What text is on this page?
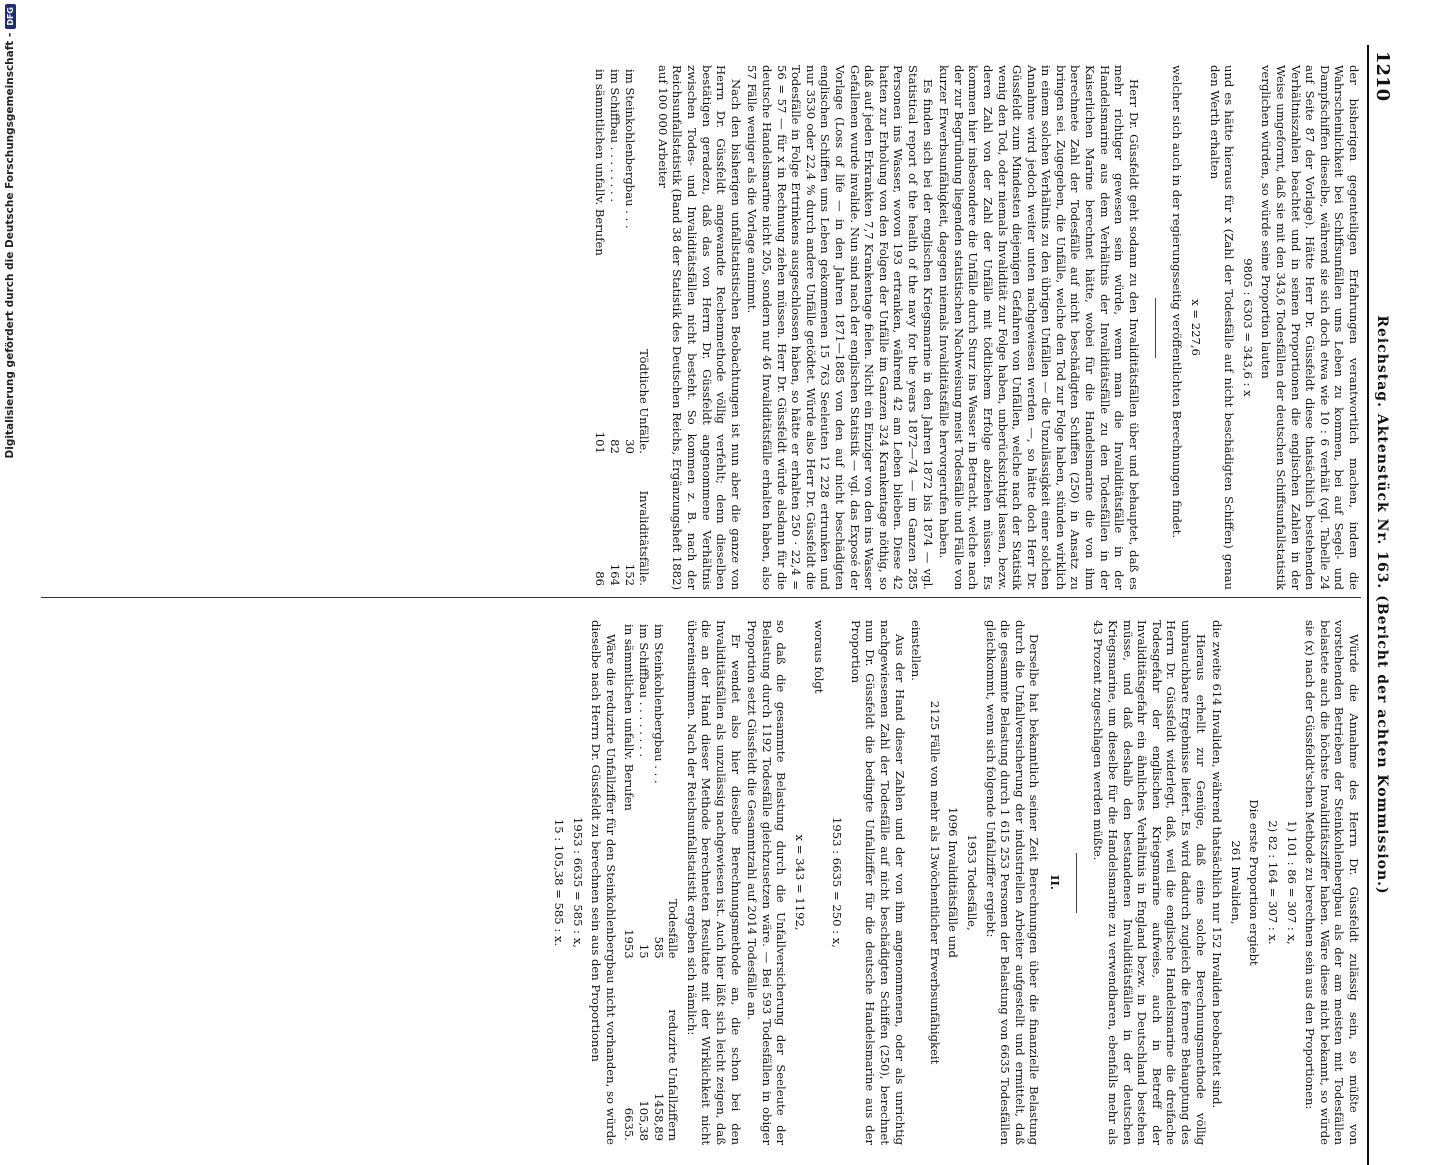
1210
Reichstag. Aktenstück Nr. 163. (Bericht der achten Kommission.)

der bisherigen gegenteiligen Erfahrungen verantwortlich machen, indem die Wahrscheinlichkeit bei Schiffsunfällen ums Leben zu kommen, bei auf Segel- und Dampfschiffen dieselbe, während sie sich doch etwa wie 10 : 6 verhält (vgl. Tabelle 24 auf Seite 87 der Vorlage). Hätte Herr Dr. Güssfeldt diese thatsächlich bestehenden Verhältniszahlen beachtet und in seinen Proportionen die englischen Zahlen in der Weise umgeformt, daß sie mit den 343,6 Todesfällen der deutschen Schiffsunfallstatistik verglichen würden, so würde seine Proportion lauten

9805 : 6303 = 343,6 : x

und es hätte hieraus für x (Zahl der Todesfälle auf nicht beschädigten Schiffen) genau den Werth erhalten

x = 227,6

welcher sich auch in der regierungsseitig veröffentlichten Berechnungen findet.

Herr Dr. Güssfeldt geht sodann zu den Invaliditätsfällen über und behauptet, daß es mehr richtiger gewesen sein würde, wenn man die Invaliditätsfälle in der Handelsmarine aus dem Verhältnis der Invaliditätsfälle zu den Todesfällen in der Kaiserlichen Marine berechnet hätte, wobei für die Handelsmarine die von ihm berechnete Zahl der Todesfälle auf nicht beschädigten Schiffen (250) in Ansatz zu bringen sei. Zugegeben, die Unfälle, welche den Tod zur Folge haben, stünden wirklich in einem solchen Verhältnis zu den übrigen Unfällen — die Unzulässigkeit einer solchen Annahme wird jedoch weiter unten nachgewiesen werden —, so hätte doch Herr Dr. Güssfeldt zum Mindesten diejenigen Gefahren von Unfällen, welche nach der Statistik wenig den Tod, oder niemals Invalidität zur Folge haben, unberücksichtigt lassen, bezw. deren Zahl von der Zahl der Unfälle mit tödtlichem Erfolge abziehen müssen. Es kommen hier insbesondere die Unfälle durch Sturz ins Wasser in Betracht, welche nach der zur Begründung liegenden statistischen Nachweisung meist Todesfälle und Fälle von kurzer Erwerbsunfähigkeit, dagegen niemals Invaliditätsfälle hervorgerufen haben.

Es finden sich bei der englischen Kriegsmarine in den Jahren 1872 bis 1874 — vgl. Statistical report of the health of the navy for the years 1872—74 — im Ganzen 285 Personen ins Wasser, wovon 193 ertranken, während 42 am Leben blieben. Diese 42 hatten zur Erholung von den Folgen der Unfälle im Ganzen 324 Krankentage nöthig, so daß auf jeden Erkrankten 7,7 Krankentage fielen. Nicht ein Einziger von den ins Wasser Gefallenen wurde invalide. Nun sind nach der englischen Statistik — vgl. das Exposé der Vorlage (Loss of life — in den Jahren 1871—1885 von den auf nicht beschädigten englischen Schiffen ums Leben gekommenen 15 763 Seeleuten 12 228 ertrunken und nur 3530 oder 22,4 % durch andere Unfälle getödtet. Würde also Herr Dr. Güssfeldt die Todesfälle in Folge Ertrinkens ausgeschlossen haben, so hätte er erhalten 250 · 22,4 = 56 = 57 — für x in Rechnung ziehen müssen. Herr Dr. Güssfeldt würde alsdann für die deutsche Handelsmarine nicht 205, sondern nur 46 Invaliditätsfälle erhalten haben, also 57 Fälle weniger als die Vorlage annimmt.

Nach den bisherigen unfallstatistischen Beobachtungen ist nun aber die ganze von Herrn Dr. Güssfeldt angewandte Rechenmethode völlig verfehlt; denn dieselben bestätigen geradezu, daß das von Herrn Dr. Güssfeldt angenommene Verhältnis zwischen Todes- und Invaliditätsfällen nicht besteht. So kommen z. B. nach der Reichsunfallstatistik (Band 38 der Statistik des Deutschen Reichs, Ergänzungsheft 1882) auf 100 000 Arbeiter

	Tödtliche Unfälle.	Invaliditätsfälle.
im Steinkohlenbergbau . . .	30	152
im Schiffbau . . . . . . . .	82	164
in sämmtlichen unfallv. Berufen	101	86

Würde die Annahme des Herrn Dr. Güssfeldt zulässig sein, so müßte von vorstehenden Betrieben der Steinkohlenbergbau als der am meisten mit Todesfällen belastete auch die höchste Invaliditätsziffer haben. Wäre diese nicht bekannt, so würde sie (x) nach der Güssfeldt'schen Methode zu berechnen sein aus den Proportionen:

1) 101 : 86 = 307 : x,

2) 82 : 164 = 307 : x.

Die erste Proportion ergiebt

261 Invaliden,

die zweite 614 Invaliden, während thatsächlich nur 152 Invaliden beobachtet sind.

Hieraus erhellt zur Genüge, daß eine solche Berechnungsmethode völlig unbrauchbare Ergebnisse liefert. Es wird dadurch zugleich die fernere Behauptung des Herrn Dr. Güssfeldt widerlegt, daß, weil die englische Handelsmarine die dreifache Todesgefahr der englischen Kriegsmarine aufweise, auch in Betreff der Invaliditätsgefahr ein ähnliches Verhältnis in England bezw. in Deutschland bestehen müsse, und daß deshalb den bestandenen Invaliditätsfällen in der deutschen Kriegsmarine, um dieselbe für die Handelsmarine zu verwendbaren, ebenfalls mehr als 43 Prozent zugeschlagen werden müßte.

II.

Derselbe hat bekanntlich seiner Zeit Berechnungen über die finanzielle Belastung durch die Unfallversicherung der industriellen Arbeiter aufgestellt und ermittelt, daß die gesammte Belastung durch 1 615 253 Personen der Belastung von 6635 Todesfällen gleichkommt, wenn sich folgende Unfallziffer ergiebt:

1953 Todesfälle,

1096 Invaliditätsfälle und

2125 Fälle von mehr als 13wöchentlicher Erwerbsunfähigkeit

einstellen.

Aus der Hand dieser Zahlen und der von ihm angenommenen, oder als unrichtig nachgewiesenen Zahl der Todesfälle auf nicht beschädigten Schiffen (250), berechnet nun Dr. Güssfeldt die bedingte Unfallziffer für die deutsche Handelsmarine aus der Proportion

1953 : 6635 = 250 : x,

woraus folgt

x = 343 = 1192,

so daß die gesammte Belastung durch die Unfallversicherung der Seeleute der Belastung durch 1192 Todesfälle gleichzusetzen wäre. — Bei 593 Todesfällen in obiger Proportion setzt Güssfeldt die Gesammtzahl auf 2014 Todesfälle an.

Er wendet also hier dieselbe Berechnungsmethode an, die schon bei den Invaliditätsfällen als unzulässig nachgewiesen ist. Auch hier läßt sich leicht zeigen, daß die an der Hand dieser Methode berechneten Resultate mit der Wirklichkeit nicht übereinstimmen. Nach der Reichsunfallstatistik ergeben sich nämlich:

	Todesfälle	reduzirte Unfallziffern
im Steinkohlenbergbau . . .	585	1458,89
im Schiffbau . . . . . . . .	15	105,38
in sämmtlichen unfallv. Berufen	1953	6635.

Wäre die reduzirte Unfallziffer für den Steinkohlenbergbau nicht vorhanden, so würde dieselbe nach Herrn Dr. Güssfeldt zu berechnen sein aus den Proportionen

1953 : 6635 = 585 : x,

15 : 105,38 = 585 : x.

Digitalisierung gefördert durch die Deutsche Forschungsgemeinschaft -DFG
